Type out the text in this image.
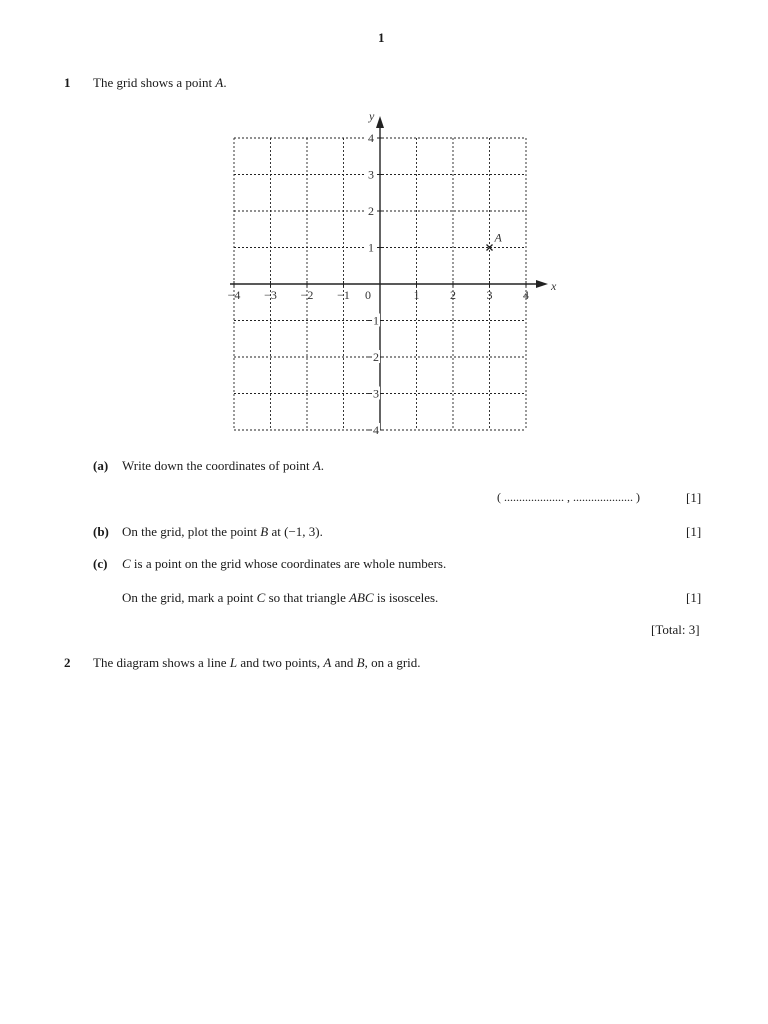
1
1 The grid shows a point A.
x
y
0
−4 −3 −2 −1	1	2	3	4
4
3
2
1
1
2
3
4
A
(a) Write down the coordinates of point A.
( .................... , .................... )	[1]
(b) On the grid, plot the point B at (−1, 3).	[1]
(c) C is a point on the grid whose coordinates are whole numbers.
On the grid, mark a point C so that triangle ABC is isosceles.	[1]
[Total: 3]
2 The diagram shows a line L and two points, A and B, on a grid.
